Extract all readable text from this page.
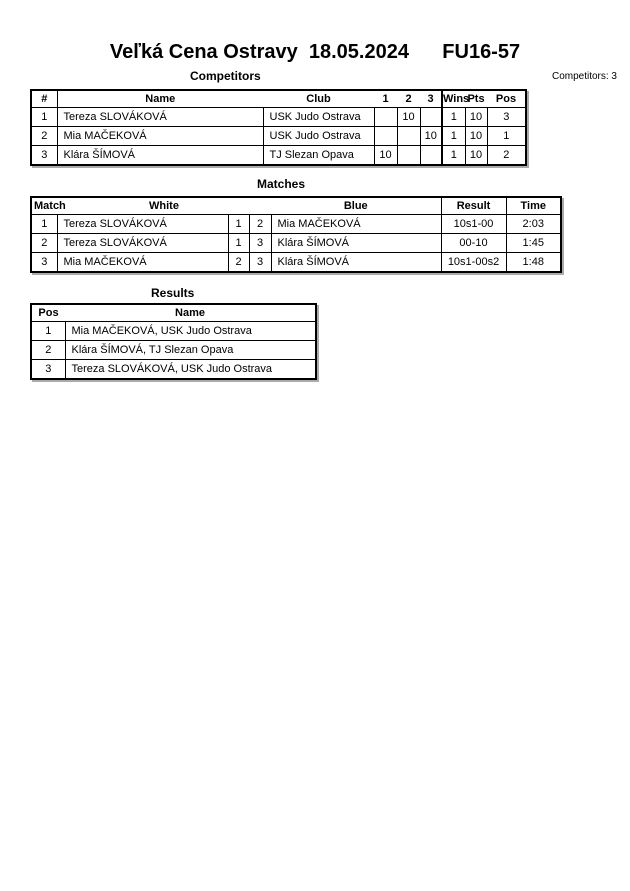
Veľká Cena Ostravy  18.05.2024      FU16-57
Competitors	Competitors: 3
#	Name	Club	1	2	3	Wins	Pts	Pos
1	Tereza SLOVÁKOVÁ	USK Judo Ostrava		10		1	10	3
2	Mia MAČEKOVÁ	USK Judo Ostrava			10	1	10	1
3	Klára ŠÍMOVÁ	TJ Slezan Opava	10			1	10	2
Matches
Match	White			Blue	Result	Time
1	Tereza SLOVÁKOVÁ	1	2	Mia MAČEKOVÁ	10s1-00	2:03
2	Tereza SLOVÁKOVÁ	1	3	Klára ŠÍMOVÁ	00-10	1:45
3	Mia MAČEKOVÁ	2	3	Klára ŠÍMOVÁ	10s1-00s2	1:48
Results
Pos	Name
1	Mia MAČEKOVÁ, USK Judo Ostrava
2	Klára ŠÍMOVÁ, TJ Slezan Opava
3	Tereza SLOVÁKOVÁ, USK Judo Ostrava
